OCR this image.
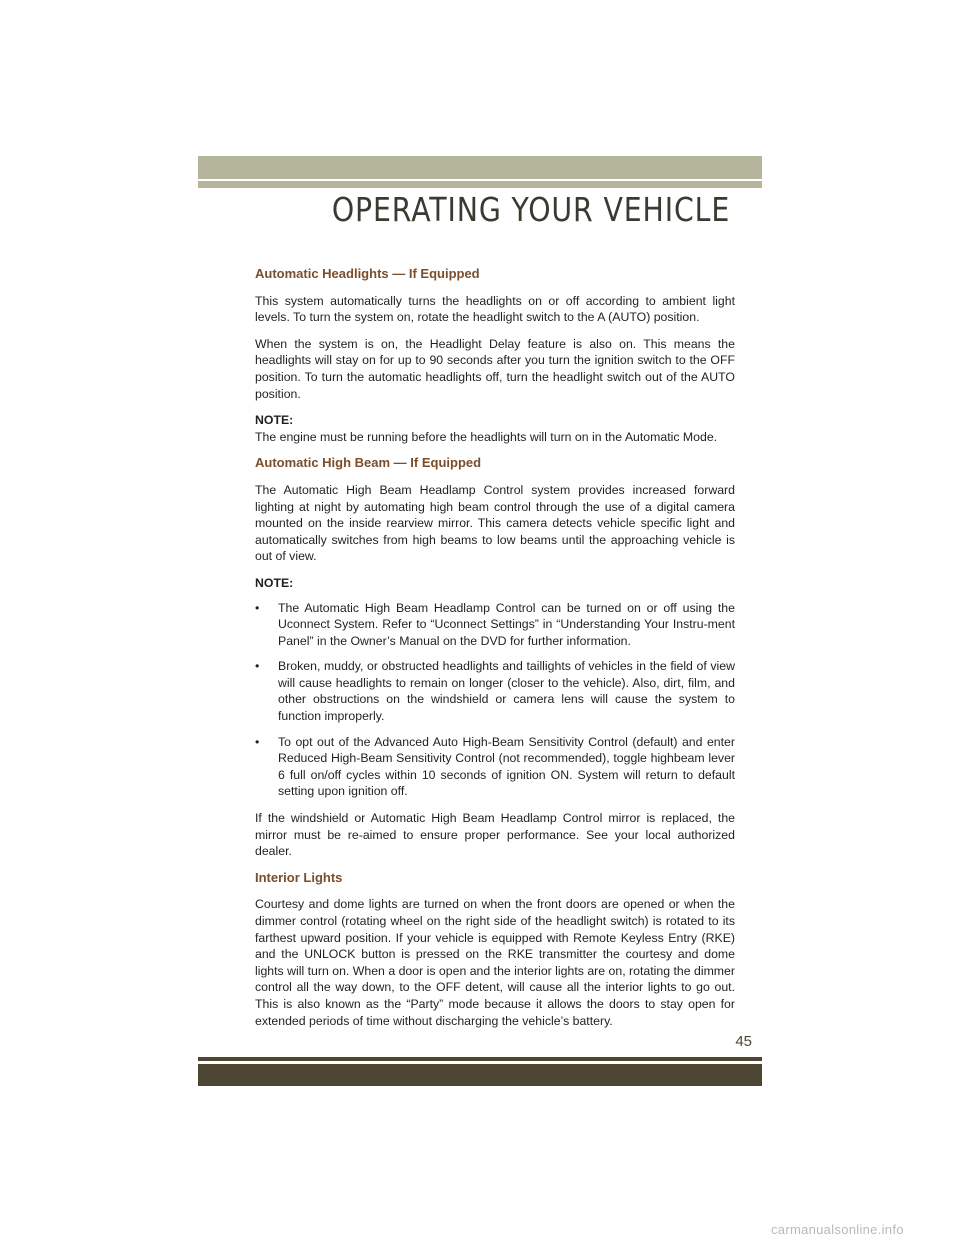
OPERATING YOUR VEHICLE
Automatic Headlights — If Equipped

This system automatically turns the headlights on or off according to ambient light levels. To turn the system on, rotate the headlight switch to the A (AUTO) position.

When the system is on, the Headlight Delay feature is also on. This means the headlights will stay on for up to 90 seconds after you turn the ignition switch to the OFF position. To turn the automatic headlights off, turn the headlight switch out of the AUTO position.

NOTE:

The engine must be running before the headlights will turn on in the Automatic Mode.

Automatic High Beam — If Equipped

The Automatic High Beam Headlamp Control system provides increased forward lighting at night by automating high beam control through the use of a digital camera mounted on the inside rearview mirror. This camera detects vehicle specific light and automatically switches from high beams to low beams until the approaching vehicle is out of view.

NOTE:

• The Automatic High Beam Headlamp Control can be turned on or off using the Uconnect System. Refer to “Uconnect Settings” in “Understanding Your Instru-ment Panel” in the Owner’s Manual on the DVD for further information.
• Broken, muddy, or obstructed headlights and taillights of vehicles in the field of view will cause headlights to remain on longer (closer to the vehicle). Also, dirt, film, and other obstructions on the windshield or camera lens will cause the system to function improperly.
• To opt out of the Advanced Auto High-Beam Sensitivity Control (default) and enter Reduced High-Beam Sensitivity Control (not recommended), toggle highbeam lever 6 full on/off cycles within 10 seconds of ignition ON. System will return to default setting upon ignition off.

If the windshield or Automatic High Beam Headlamp Control mirror is replaced, the mirror must be re-aimed to ensure proper performance. See your local authorized dealer.

Interior Lights

Courtesy and dome lights are turned on when the front doors are opened or when the dimmer control (rotating wheel on the right side of the headlight switch) is rotated to its farthest upward position. If your vehicle is equipped with Remote Keyless Entry (RKE) and the UNLOCK button is pressed on the RKE transmitter the courtesy and dome lights will turn on. When a door is open and the interior lights are on, rotating the dimmer control all the way down, to the OFF detent, will cause all the interior lights to go out. This is also known as the “Party” mode because it allows the doors to stay open for extended periods of time without discharging the vehicle’s battery.

45
carmanualsonline.info
